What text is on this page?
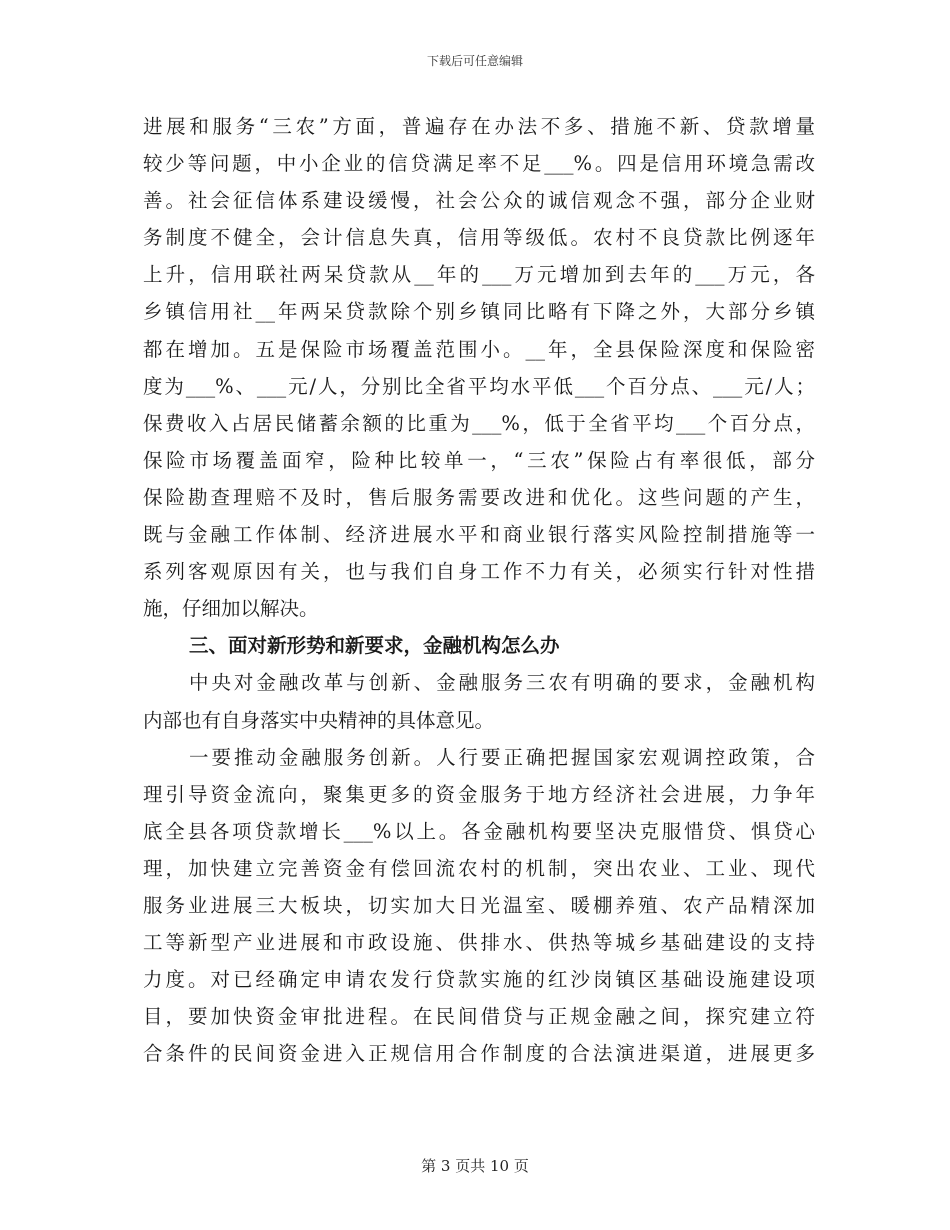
下载后可任意编辑
进展和服务“三农”方面，普遍存在办法不多、措施不新、贷款增量
较少等问题，中小企业的信贷满足率不足___%。四是信用环境急需改
善。社会征信体系建设缓慢，社会公众的诚信观念不强，部分企业财
务制度不健全，会计信息失真，信用等级低。农村不良贷款比例逐年
上升，信用联社两呆贷款从__年的___万元增加到去年的___万元，各
乡镇信用社__年两呆贷款除个别乡镇同比略有下降之外，大部分乡镇
都在增加。五是保险市场覆盖范围小。__年，全县保险深度和保险密
度为___%、___元/人，分别比全省平均水平低___个百分点、___元/人；
保费收入占居民储蓄余额的比重为___%，低于全省平均___个百分点，
保险市场覆盖面窄，险种比较单一，“三农”保险占有率很低，部分
保险勘查理赔不及时，售后服务需要改进和优化。这些问题的产生，
既与金融工作体制、经济进展水平和商业银行落实风险控制措施等一
系列客观原因有关，也与我们自身工作不力有关，必须实行针对性措
施，仔细加以解决。
三、面对新形势和新要求，金融机构怎么办
中央对金融改革与创新、金融服务三农有明确的要求，金融机构
内部也有自身落实中央精神的具体意见。
一要推动金融服务创新。人行要正确把握国家宏观调控政策，合
理引导资金流向，聚集更多的资金服务于地方经济社会进展，力争年
底全县各项贷款增长___%以上。各金融机构要坚决克服惜贷、惧贷心
理，加快建立完善资金有偿回流农村的机制，突出农业、工业、现代
服务业进展三大板块，切实加大日光温室、暖棚养殖、农产品精深加
工等新型产业进展和市政设施、供排水、供热等城乡基础建设的支持
力度。对已经确定申请农发行贷款实施的红沙岗镇区基础设施建设项
目，要加快资金审批进程。在民间借贷与正规金融之间，探究建立符
合条件的民间资金进入正规信用合作制度的合法演进渠道，进展更多
第 3 页共 10 页
